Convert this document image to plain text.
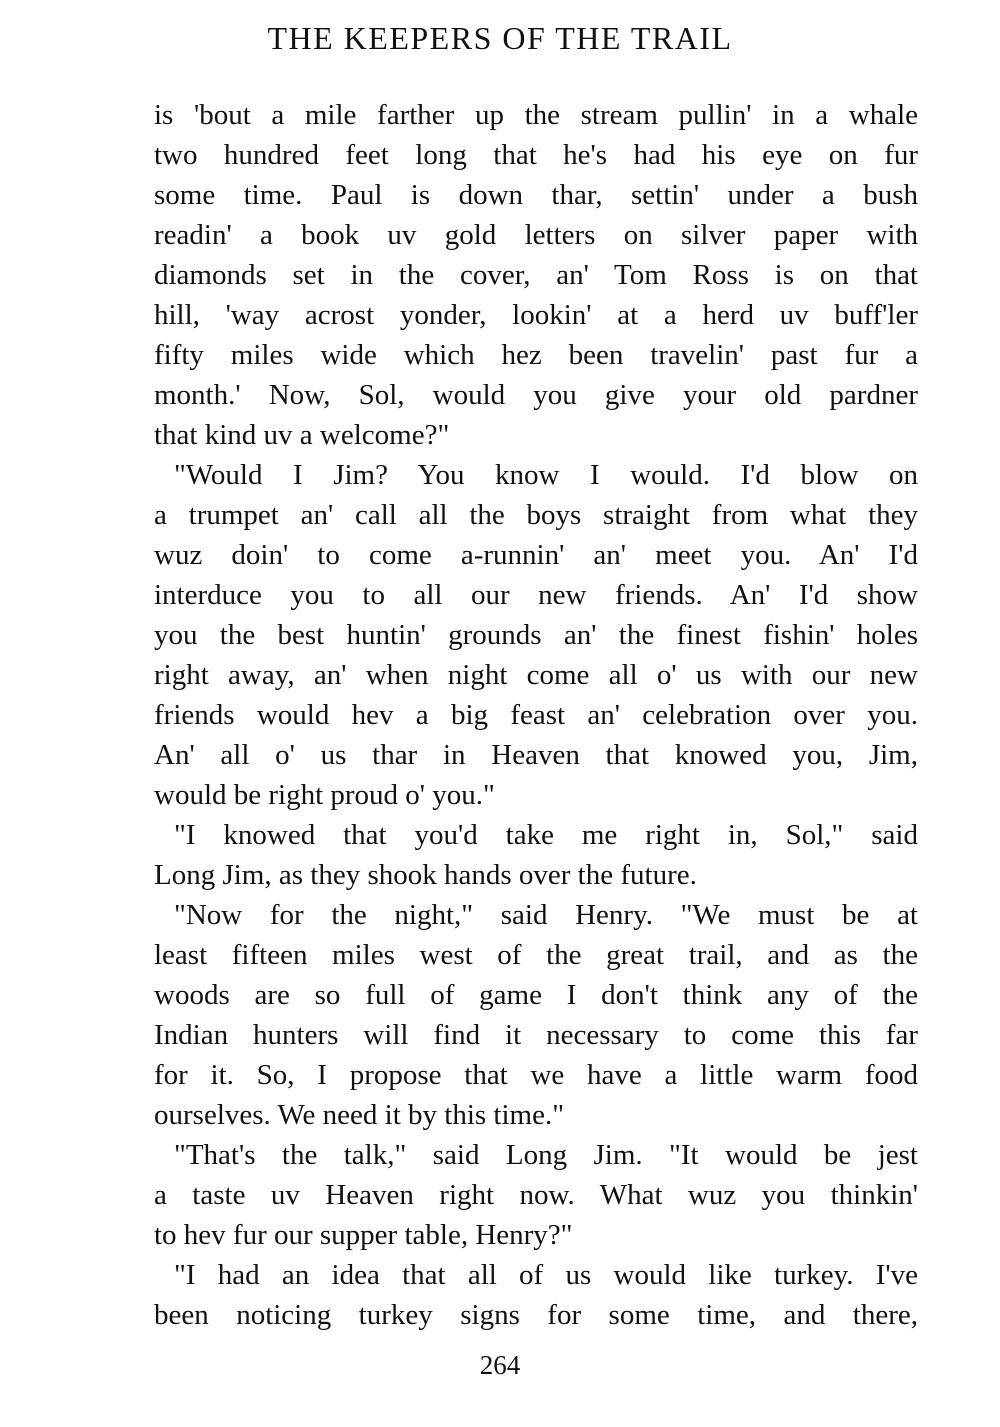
THE KEEPERS OF THE TRAIL
is 'bout a mile farther up the stream pullin' in a whale
two hundred feet long that he's had his eye on fur
some time. Paul is down thar, settin' under a bush
readin' a book uv gold letters on silver paper with
diamonds set in the cover, an' Tom Ross is on that
hill, 'way acrost yonder, lookin' at a herd uv buff'ler
fifty miles wide which hez been travelin' past fur a
month.' Now, Sol, would you give your old pardner
that kind uv a welcome?"
"Would I Jim? You know I would. I'd blow on
a trumpet an' call all the boys straight from what they
wuz doin' to come a-runnin' an' meet you. An' I'd
interduce you to all our new friends. An' I'd show
you the best huntin' grounds an' the finest fishin' holes
right away, an' when night come all o' us with our new
friends would hev a big feast an' celebration over you.
An' all o' us thar in Heaven that knowed you, Jim,
would be right proud o' you."
"I knowed that you'd take me right in, Sol," said
Long Jim, as they shook hands over the future.
"Now for the night," said Henry. "We must be at
least fifteen miles west of the great trail, and as the
woods are so full of game I don't think any of the
Indian hunters will find it necessary to come this far
for it. So, I propose that we have a little warm food
ourselves. We need it by this time."
"That's the talk," said Long Jim. "It would be jest
a taste uv Heaven right now. What wuz you thinkin'
to hev fur our supper table, Henry?"
"I had an idea that all of us would like turkey. I've
been noticing turkey signs for some time, and there,
264
